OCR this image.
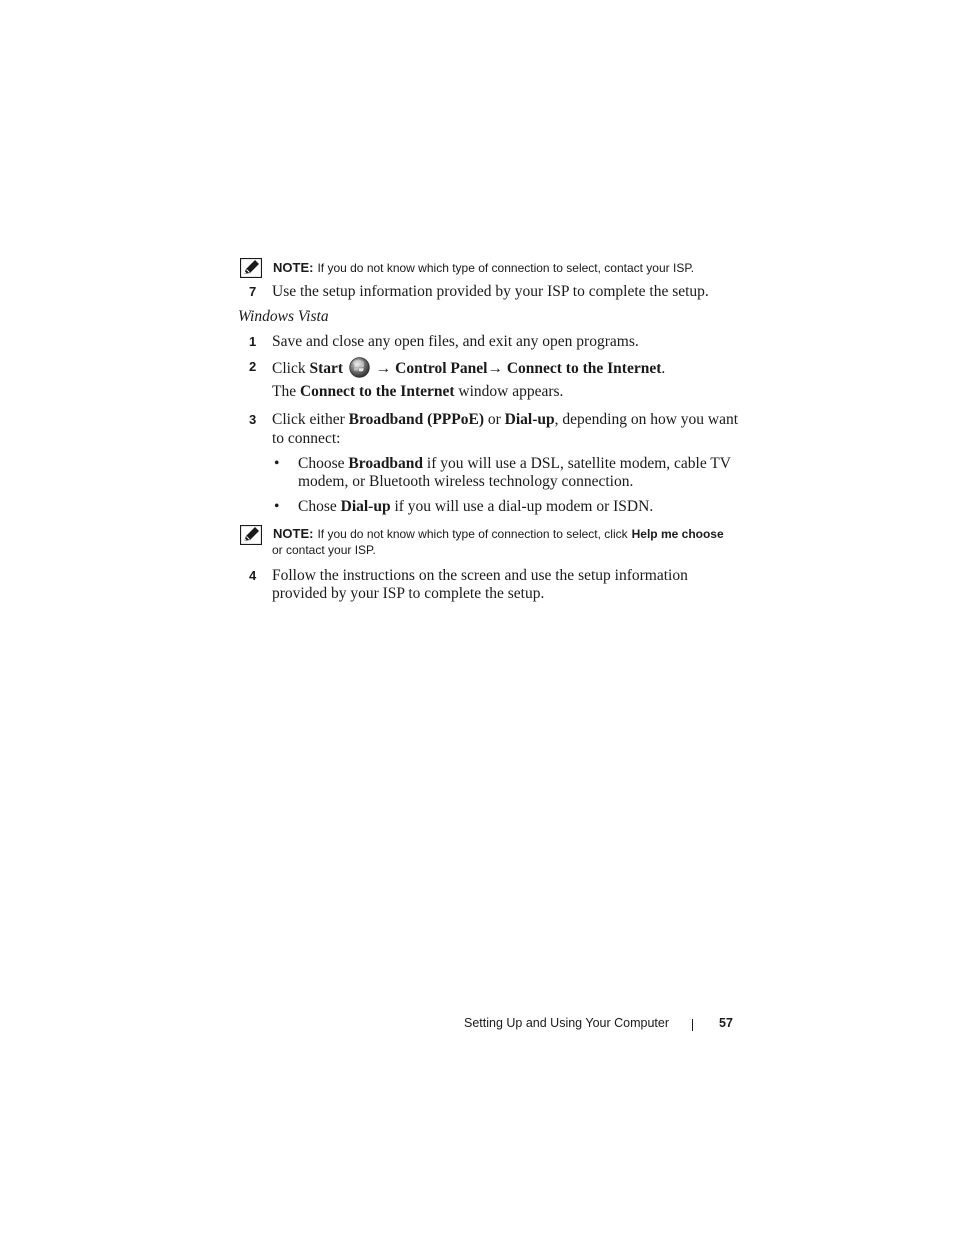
NOTE: If you do not know which type of connection to select, contact your ISP.
7 Use the setup information provided by your ISP to complete the setup.
Windows Vista
1 Save and close any open files, and exit any open programs.
2 Click Start → Control Panel→ Connect to the Internet.
The Connect to the Internet window appears.
3 Click either Broadband (PPPoE) or Dial-up, depending on how you want
to connect:
• Choose Broadband if you will use a DSL, satellite modem, cable TV
modem, or Bluetooth wireless technology connection.
• Chose Dial-up if you will use a dial-up modem or ISDN.
NOTE: If you do not know which type of connection to select, click Help me choose
or contact your ISP.
4 Follow the instructions on the screen and use the setup information
provided by your ISP to complete the setup.
Setting Up and Using Your Computer	57
